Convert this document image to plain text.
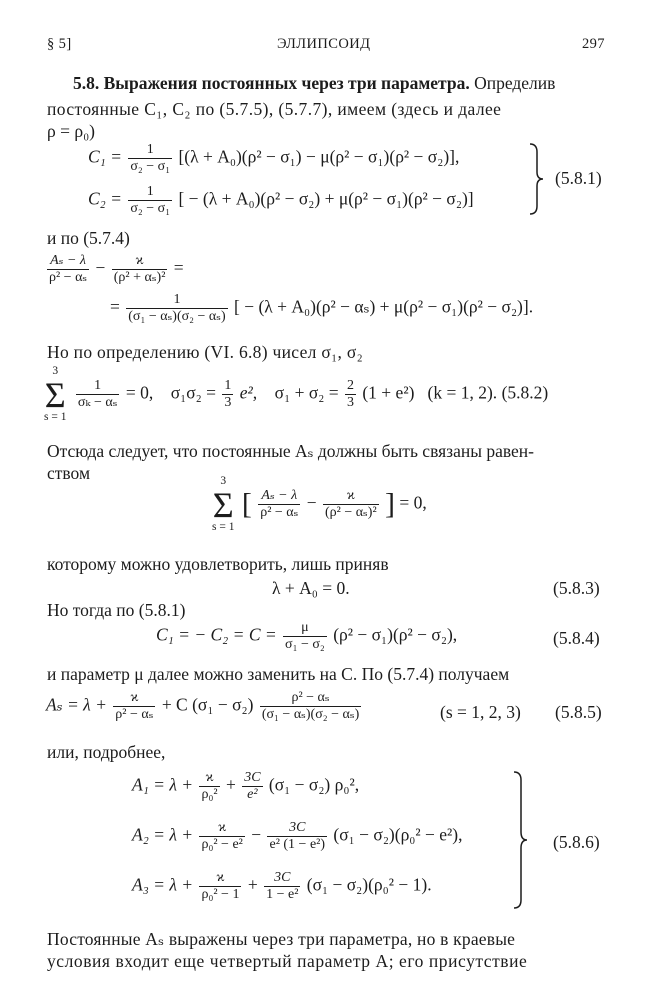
§ 5]	ЭЛЛИПСОИД	297
5.8. Выражения постоянных через три параметра. Определив
постоянные C₁, C₂ по (5.7.5), (5.7.7), имеем (здесь и далее
ρ = ρ₀)
$C_1 = \frac{1}{\text{σ₂ − σ₁}} [(\lambda + A_0)(\rho^2 - \sigma_1) - \mu(\rho^2 - \sigma_1)(\rho^2 - \sigma_2)]$,
$C_2 = \frac{1}{\text{σ₂ − σ₁}}$ [ − (λ + A₀)(ρ² − σ₂) + μ(ρ² − σ₁)(ρ² − σ₂)]
(5.8.1)
и по (5.7.4)
$\frac{\text{Aₛ − λ}}{\text{ρ² − αₛ}} - \frac{ϰ}{\text{(ρ² + αₛ)²}}$ =
= $\frac{1}{\text{(σ₁ − αₛ)(σ₂ − αₛ)}}$ [ − (λ + A₀)(ρ² − αₛ) + μ(ρ² − σ₁)(ρ² − σ₂)].
Но по определению (VI. 6.8) чисел σ₁, σ₂
3
Σ
s = 1

$\frac{1}{\text{σₖ − αₛ}} = 0$, $\sigma_1\sigma_2 = \frac{1}{3} e^2$, $\sigma_1 + \sigma_2 = \frac{2}{3} (1 + e^2) (k = 1$, 2). (5.8.2)
Отсюда следует, что постоянные Aₛ должны быть связаны равен-
ством	3
Σ
s = 1
[ $\frac{\text{Aₛ − λ}}{\text{ρ² − αₛ}} - \frac{ϰ}{\text{(ρ² − αₛ)²}}$ ] = 0,
которому можно удовлетворить, лишь приняв
λ + A₀ = 0.	(5.8.3)
Но тогда по (5.8.1)
C₁ = − $C_2 = C = \frac{\mu}{\text{σ₁ − σ₂}} (\rho^2 - \sigma_1)(\rho^2 - \sigma_2)$,	(5.8.4)
и параметр μ далее можно заменить на C. По (5.7.4) получаем
$A_s = \lambda + \frac{ϰ}{\text{ρ² − αₛ}} + C$ $(\sigma_1 - \sigma_2) \frac{\text{ρ² − αₛ}}{\text{(σ₁ − αₛ)(σ₂ − αₛ)}}$	(s = 1, 2, 3) (5.8.5)
или, подробнее,
$A_1 = \lambda + \frac{ϰ}{\text{ρ₀²}} + \frac{3C}{\text{e²}} (\sigma_1 - \sigma_2)$ ρ₀²,
$A_2 = \lambda + \frac{ϰ}{\text{ρ₀² − e²}} - \frac{3C}{\text{e² (1 − e²)}} (\sigma_1 - \sigma_2)(\rho_0^2 - e^2)$,
$A_3 = \lambda + \frac{ϰ}{\text{ρ₀² − 1}} + \frac{3C}{\text{1 − e²}} (\sigma_1 - \sigma_2)(\rho_0^2 - 1)$.
(5.8.6)
Постоянные Aₛ выражены через три параметра, но в краевые
условия входит еще четвертый параметр A; его присутствие
